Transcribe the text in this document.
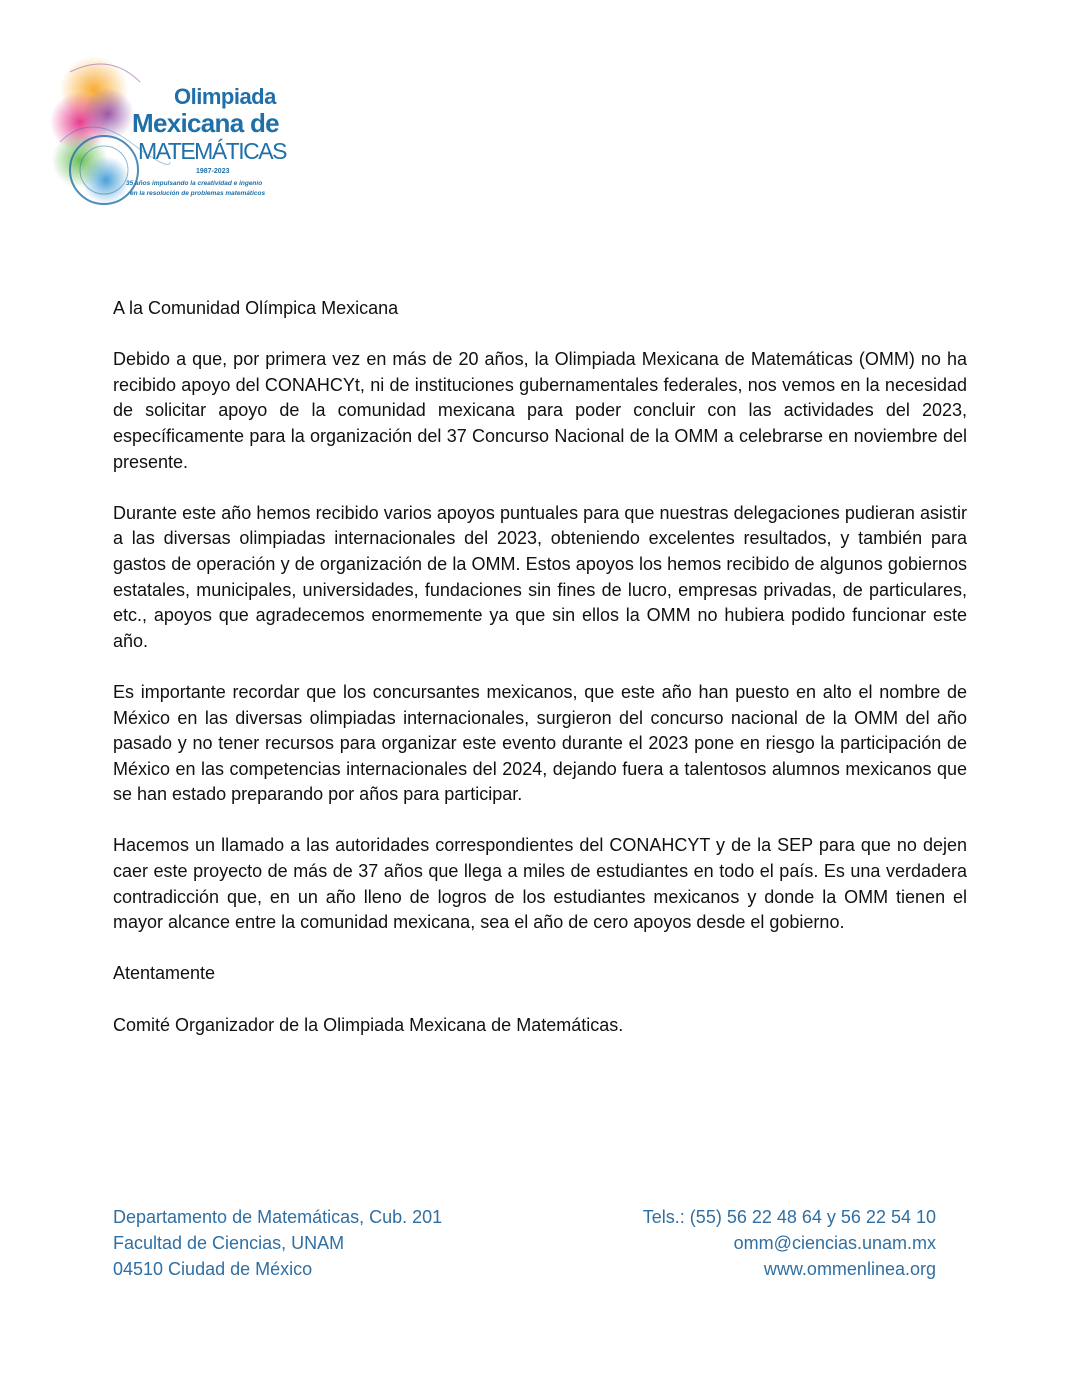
Olimpiada
Mexicana de
MATEMÁTICAS
1987-2023
35 años impulsando la creatividad e ingenio
en la resolución de problemas matemáticos

A la Comunidad Olímpica Mexicana

Debido a que, por primera vez en más de 20 años, la Olimpiada Mexicana de Matemáticas (OMM) no ha recibido apoyo del CONAHCYt, ni de instituciones gubernamentales federales, nos vemos en la necesidad de solicitar apoyo de la comunidad mexicana para poder concluir con las actividades del 2023, específicamente para la organización del 37 Concurso Nacional de la OMM a celebrarse en noviembre del presente.

Durante este año hemos recibido varios apoyos puntuales para que nuestras delegaciones pudieran asistir a las diversas olimpiadas internacionales del 2023, obteniendo excelentes resultados, y también para gastos de operación y de organización de la OMM. Estos apoyos los hemos recibido de algunos gobiernos estatales, municipales, universidades, fundaciones sin fines de lucro, empresas privadas, de particulares, etc., apoyos que agradecemos enormemente ya que sin ellos la OMM no hubiera podido funcionar este año.

Es importante recordar que los concursantes mexicanos, que este año han puesto en alto el nombre de México en las diversas olimpiadas internacionales, surgieron del concurso nacional de la OMM del año pasado y no tener recursos para organizar este evento durante el 2023 pone en riesgo la participación de México en las competencias internacionales del 2024, dejando fuera a talentosos alumnos mexicanos que se han estado preparando por años para participar.

Hacemos un llamado a las autoridades correspondientes del CONAHCYT y de la SEP para que no dejen caer este proyecto de más de 37 años que llega a miles de estudiantes en todo el país. Es una verdadera contradicción que, en un año lleno de logros de los estudiantes mexicanos y donde la OMM tienen el mayor alcance entre la comunidad mexicana, sea el año de cero apoyos desde el gobierno.

Atentamente

Comité Organizador de la Olimpiada Mexicana de Matemáticas.

Departamento de Matemáticas, Cub. 201
Facultad de Ciencias, UNAM
04510 Ciudad de México
Tels.: (55) 56 22 48 64 y 56 22 54 10
omm@ciencias.unam.mx
www.ommenlinea.org
